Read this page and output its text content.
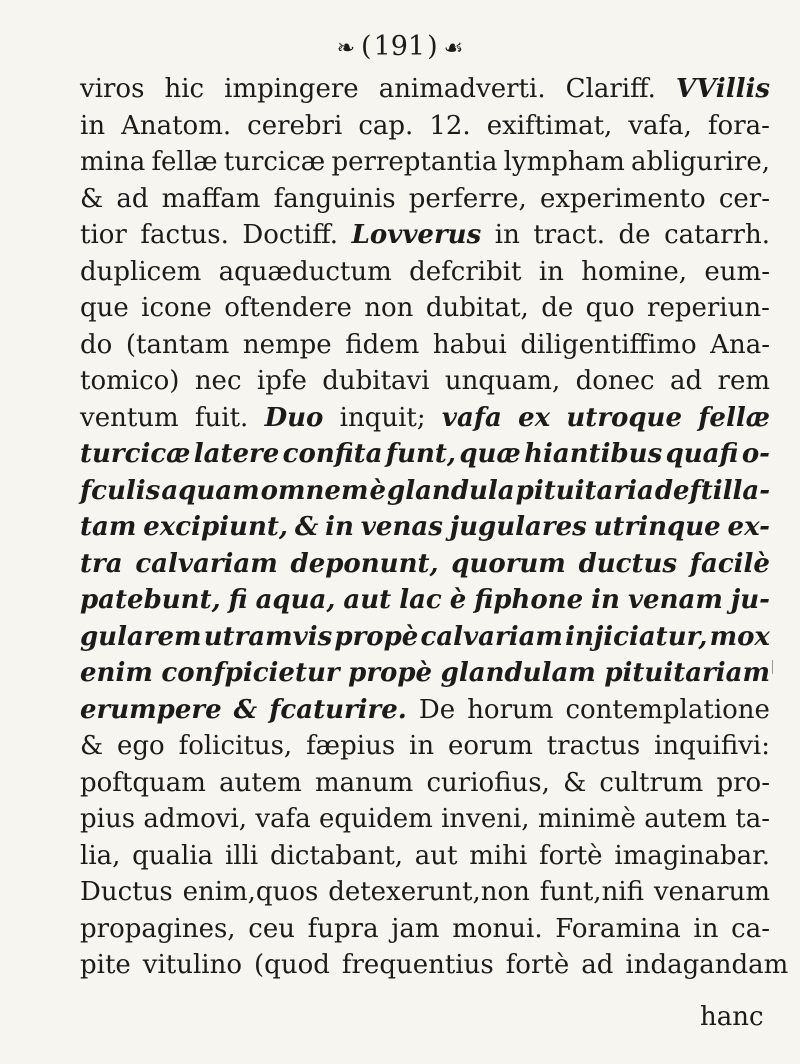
❧ (191) ☙
viros hic impingere animadverti. Clariff. VVillis
in Anatom. cerebri cap. 12. exiftimat, vafa, fora-
mina fellæ turcicæ perreptantia lympham abligurire,
& ad maffam fanguinis perferre, experimento cer-
tior factus. Doctiff. Lovverus in tract. de catarrh.
duplicem aquæductum defcribit in homine, eum-
que icone oftendere non dubitat, de quo reperiun-
do (tantam nempe fidem habui diligentiffimo Ana-
tomico) nec ipfe dubitavi unquam, donec ad rem
ventum fuit. Duo inquit; vafa ex utroque fellæ
turcicæ latere confita funt, quæ hiantibus quafi o-
fculis aquam omnem è glandula pituitaria deftilla-
tam excipiunt, & in venas jugulares utrinque ex-
tra calvariam deponunt, quorum ductus facilè
patebunt, fi aqua, aut lac è fiphone in venam ju-
gularem utramvis propè calvariam injiciatur, mox
enim confpicietur propè glandulam pituitariam
erumpere & fcaturire. De horum contemplatione
& ego folicitus, fæpius in eorum tractus inquifivi:
poftquam autem manum curiofius, & cultrum pro-
pius admovi, vafa equidem inveni, minimè autem ta-
lia, qualia illi dictabant, aut mihi fortè imaginabar.
Ductus enim,quos detexerunt,non funt,nifi venarum
propagines, ceu fupra jam monui. Foramina in ca-
pite vitulino (quod frequentius fortè ad indagandam
hanc
